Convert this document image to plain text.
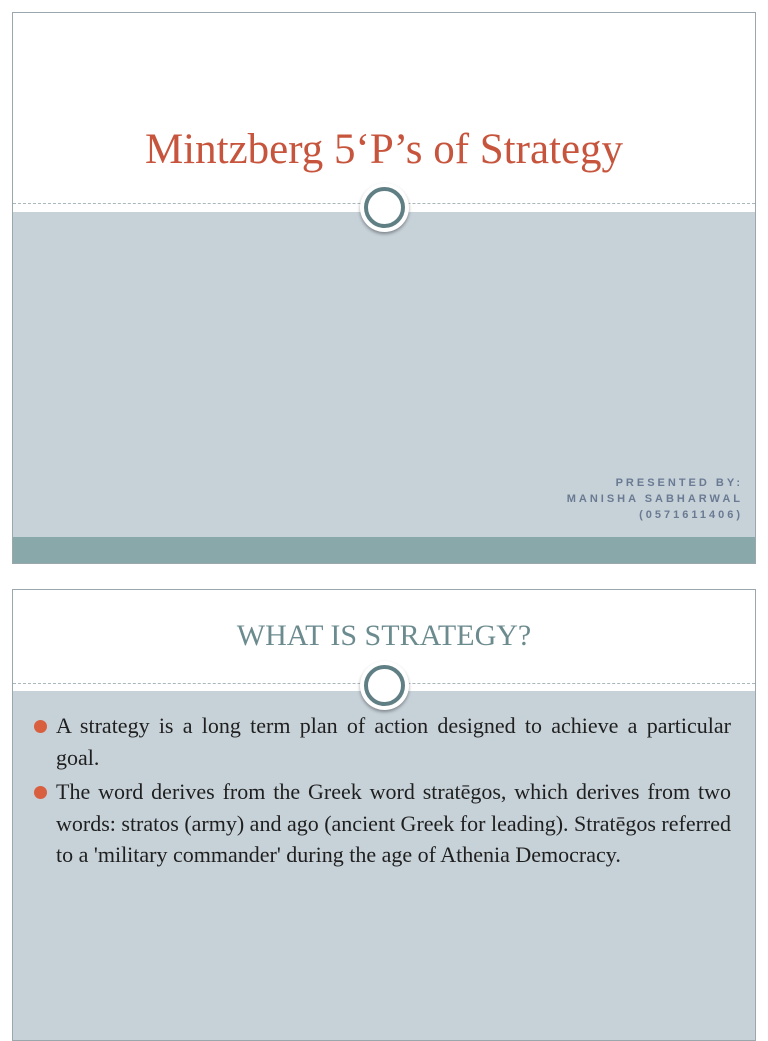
Mintzberg 5‘P’s of Strategy
PRESENTED BY:
MANISHA SABHARWAL
(0571611406)
WHAT IS STRATEGY?
A strategy is a long term plan of action designed to achieve a particular goal.
The word derives from the Greek word stratēgos, which derives from two words: stratos (army) and ago (ancient Greek for leading). Stratēgos referred to a 'military commander' during the age of Athenia Democracy.
